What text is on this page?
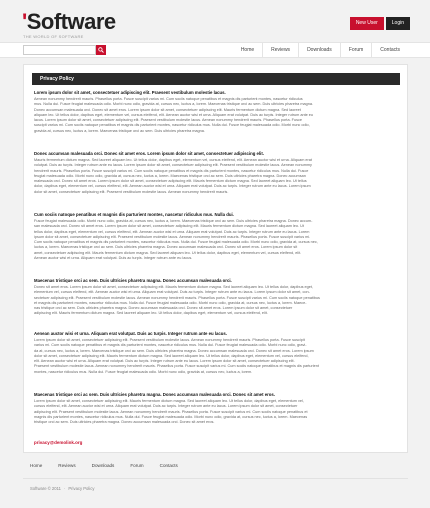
'Software
THE WORLD OF SOFTWARE
New User	Login
Home	Reviews	Downloads	Forum	Contacts
Privacy Policy
Lorem ipsum dolor sit amet, consectetuer adipiscing elit. Praesent vestibulum molestie lacus.
Aenean nonummy hendrerit mauris. Phasellus porta. Fusce suscipit varius mi. Cum sociis natoque penatibus et magnis dis parturient montes, nascetur ridiculus
mus. Nulla dui. Fusce feugiat malesuada odio. Morbi nunc odio, gravida at, cursus nec, luctus a, lorem. Maecenas tristique orci ac sem. Duis ultricies pharetra magna.
Donec accumsan malesuada orci. Donec sit amet eros. Lorem ipsum dolor sit amet, consectetuer adipiscing elit. Mauris fermentum dictum magna. Sed laoreet
aliquam leo. Ut tellus dolor, dapibus eget, elementum vel, cursus eleifend, elit. Aenean auctor wisi et urna. Aliquam erat volutpat. Duis ac turpis. Integer rutrum ante eu
lacus. Lorem ipsum dolor sit amet, consectetuer adipiscing elit. Praesent vestibulum molestie lacus. Aenean nonummy hendrerit mauris. Phasellus porta. Fusce
suscipit varius mi. Cum sociis natoque penatibus et magnis dis parturient montes, nascetur ridiculus mus. Nulla dui. Fusce feugiat malesuada odio. Morbi nunc odio,
gravida at, cursus nec, luctus a, lorem. Maecenas tristique orci ac sem. Duis ultricies pharetra magna.
Donec accumsan malesuada orci. Donec sit amet eros. Lorem ipsum dolor sit amet, consectetuer adipiscing elit.
Mauris fermentum dictum magna. Sed laoreet aliquam leo. Ut tellus dolor, dapibus eget, elementum vel, cursus eleifend, elit. Aenean auctor wisi et urna. Aliquam erat
volutpat. Duis ac turpis. Integer rutrum ante eu lacus. Lorem ipsum dolor sit amet, consectetuer adipiscing elit. Praesent vestibulum molestie lacus. Aenean nonummy
hendrerit mauris. Phasellus porta. Fusce suscipit varius mi. Cum sociis natoque penatibus et magnis dis parturient montes, nascetur ridiculus mus. Nulla dui. Fusce
feugiat malesuada odio. Morbi nunc odio, gravida at, cursus nec, luctus a, lorem. Maecenas tristique orci ac sem. Duis ultricies pharetra magna. Donec accumsan
malesuada orci. Donec sit amet eros. Lorem ipsum dolor sit amet, consectetuer adipiscing elit. Mauris fermentum dictum magna. Sed laoreet aliquam leo. Ut tellus
dolor, dapibus eget, elementum vel, cursus eleifend, elit. Aenean auctor wisi et urna. Aliquam erat volutpat. Duis ac turpis. Integer rutrum ante eu lacus. Lorem ipsum
dolor sit amet, consectetuer adipiscing elit. Praesent vestibulum molestie lacus. Aenean nonummy hendrerit mauris.
Cum sociis natoque penatibus et magnis dis parturient montes, nascetur ridiculus mus. Nulla dui.
Fusce feugiat malesuada odio. Morbi nunc odio, gravida at, cursus nec, luctus a, lorem. Maecenas tristique orci ac sem. Duis ultricies pharetra magna. Donec accum-
san malesuada orci. Donec sit amet eros. Lorem ipsum dolor sit amet, consectetuer adipiscing elit. Mauris fermentum dictum magna. Sed laoreet aliquam leo. Ut
tellus dolor, dapibus eget, elementum vel, cursus eleifend, elit. Aenean auctor wisi et urna. Aliquam erat volutpat. Duis ac turpis. Integer rutrum ante eu lacus. Lorem
ipsum dolor sit amet, consectetuer adipiscing elit. Praesent vestibulum molestie lacus. Aenean nonummy hendrerit mauris. Phasellus porta. Fusce suscipit varius mi.
Cum sociis natoque penatibus et magnis dis parturient montes, nascetur ridiculus mus. Nulla dui. Fusce feugiat malesuada odio. Morbi nunc odio, gravida at, cursus nec,
luctus a, lorem. Maecenas tristique orci ac sem. Duis ultricies pharetra magna. Donec accumsan malesuada orci. Donec sit amet eros. Lorem ipsum dolor sit
amet, consectetuer adipiscing elit. Mauris fermentum dictum magna. Sed laoreet aliquam leo. Ut tellus dolor, dapibus eget, elementum vel, cursus eleifend, elit.
Aenean auctor wisi et urna. Aliquam erat volutpat. Duis ac turpis. Integer rutrum ante eu lacus.
Maecenas tristique orci ac sem. Duis ultricies pharetra magna. Donec accumsan malesuada orci.
Donec sit amet eros. Lorem ipsum dolor sit amet, consectetuer adipiscing elit. Mauris fermentum dictum magna. Sed laoreet aliquam leo. Ut tellus dolor, dapibus eget,
elementum vel, cursus eleifend, elit. Aenean auctor wisi et urna. Aliquam erat volutpat. Duis ac turpis. Integer rutrum ante eu lacus. Lorem ipsum dolor sit amet, con-
sectetuer adipiscing elit. Praesent vestibulum molestie lacus. Aenean nonummy hendrerit mauris. Phasellus porta. Fusce suscipit varius mi. Cum sociis natoque penatibus
et magnis dis parturient montes, nascetur ridiculus mus. Nulla dui. Fusce feugiat malesuada odio. Morbi nunc odio, gravida at, cursus nec, luctus a, lorem. Maece-
nas tristique orci ac sem. Duis ultricies pharetra magna. Donec accumsan malesuada orci. Donec sit amet eros. Lorem ipsum dolor sit amet, consectetuer
adipiscing elit. Mauris fermentum dictum magna. Sed laoreet aliquam leo. Ut tellus dolor, dapibus eget, elementum vel, cursus eleifend, elit.
Aenean auctor wisi et urna. Aliquam erat volutpat. Duis ac turpis. Integer rutrum ante eu lacus.
Lorem ipsum dolor sit amet, consectetuer adipiscing elit. Praesent vestibulum molestie lacus. Aenean nonummy hendrerit mauris. Phasellus porta. Fusce suscipit
varius mi. Cum sociis natoque penatibus et magnis dis parturient montes, nascetur ridiculus mus. Nulla dui. Fusce feugiat malesuada odio. Morbi nunc odio, gravi-
da at, cursus nec, luctus a, lorem. Maecenas tristique orci ac sem. Duis ultricies pharetra magna. Donec accumsan malesuada orci. Donec sit amet eros. Lorem ipsum
dolor sit amet, consectetuer adipiscing elit. Mauris fermentum dictum magna. Sed laoreet aliquam leo. Ut tellus dolor, dapibus eget, elementum vel, cursus eleifend,
elit. Aenean auctor wisi et urna. Aliquam erat volutpat. Duis ac turpis. Integer rutrum ante eu lacus. Lorem ipsum dolor sit amet, consectetuer adipiscing elit.
Praesent vestibulum molestie lacus. Aenean nonummy hendrerit mauris. Phasellus porta. Fusce suscipit varius mi. Cum sociis natoque penatibus et magnis dis parturient
montes, nascetur ridiculus mus. Nulla dui. Fusce feugiat malesuada odio. Morbi nunc odio, gravida at, cursus nec, luctus a, lorem.
Maecenas tristique orci ac sem. Duis ultricies pharetra magna. Donec accumsan malesuada orci. Donec sit amet eros.
Lorem ipsum dolor sit amet, consectetuer adipiscing elit. Mauris fermentum dictum magna. Sed laoreet aliquam leo. Ut tellus dolor, dapibus eget, elementum vel,
cursus eleifend, elit. Aenean auctor wisi et urna. Aliquam erat volutpat. Duis ac turpis. Integer rutrum ante eu lacus. Lorem ipsum dolor sit amet, consectetuer
adipiscing elit. Praesent vestibulum molestie lacus. Aenean nonummy hendrerit mauris. Phasellus porta. Fusce suscipit varius mi. Cum sociis natoque penatibus et
magnis dis parturient montes, nascetur ridiculus mus. Nulla dui. Fusce feugiat malesuada odio. Morbi nunc odio, gravida at, cursus nec, luctus a, lorem. Maecenas
tristique orci ac sem. Duis ultricies pharetra magna. Donec accumsan malesuada orci. Donec sit amet eros.
privacy@demolink.org
Home	Reviews	Downloads	Forum	Contacts
Software © 2011 · Privacy Policy
